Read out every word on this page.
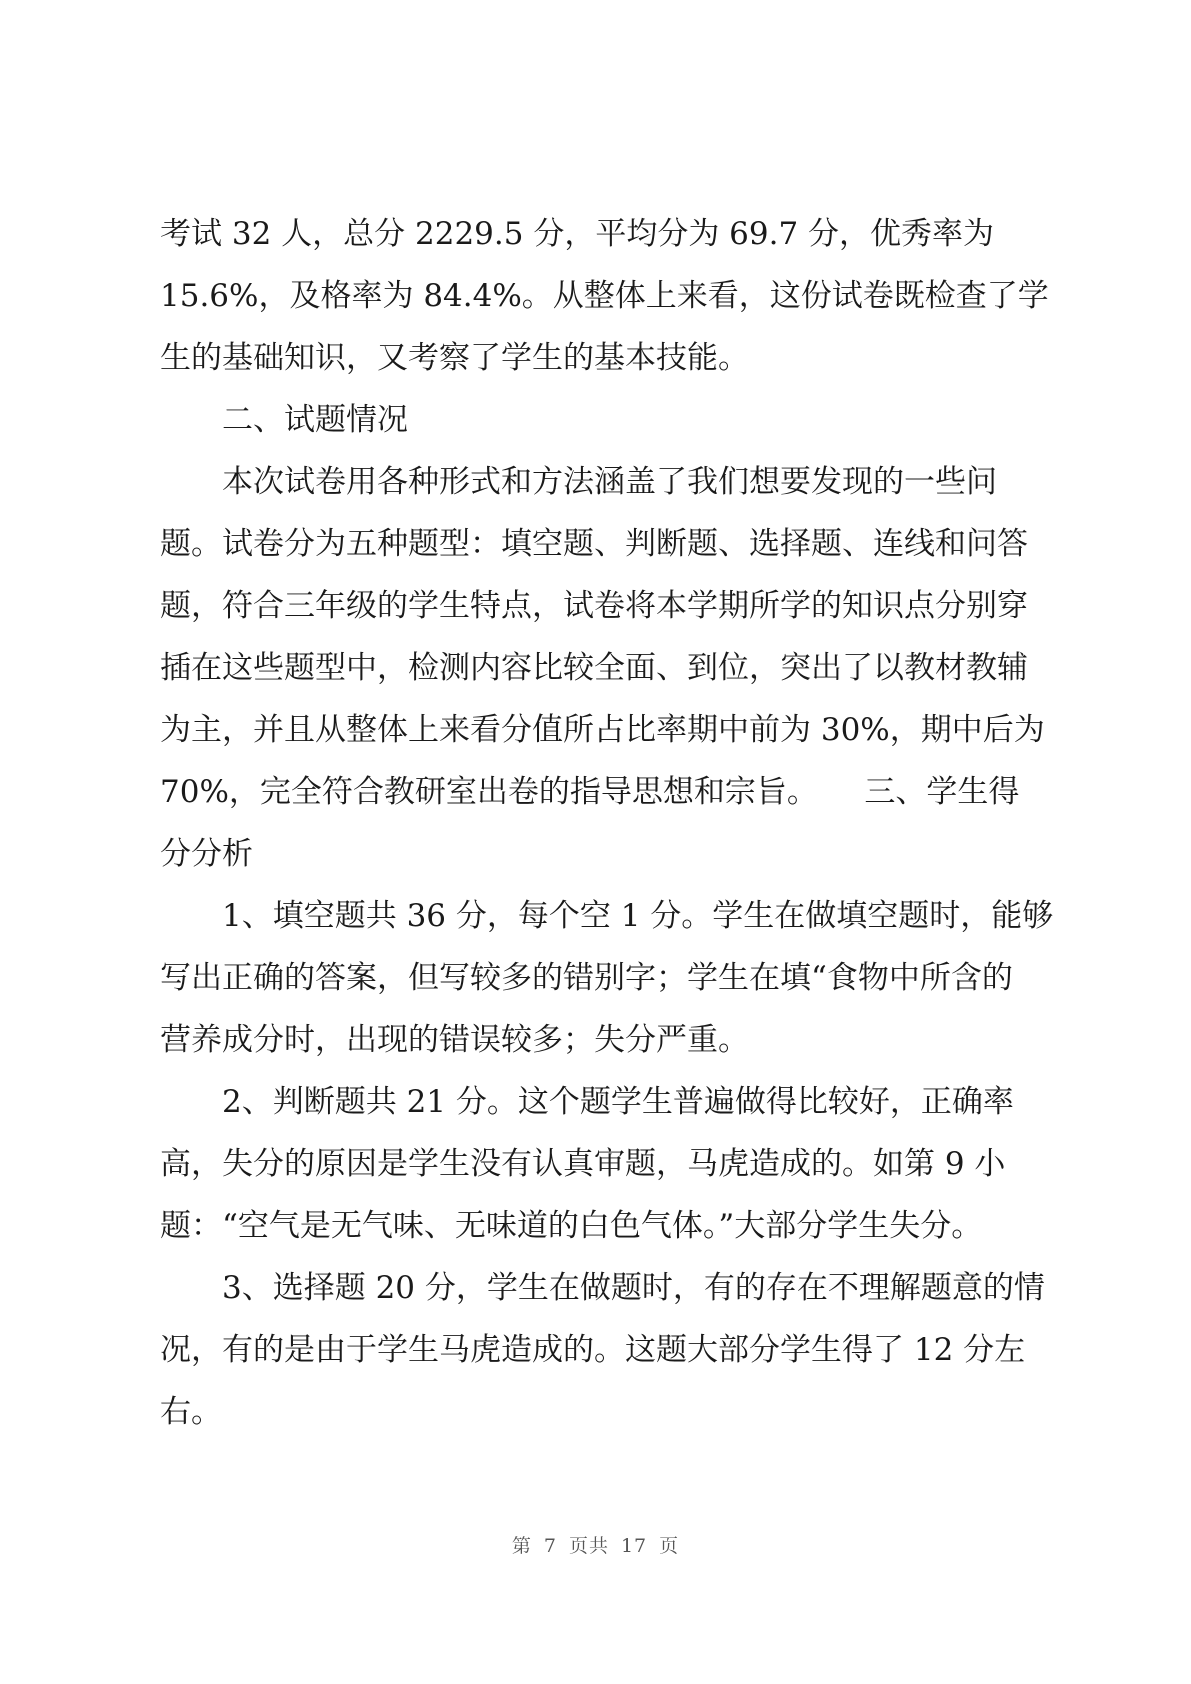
考试 32 人，总分 2229.5 分，平均分为 69.7 分，优秀率为
15.6%，及格率为 84.4%。从整体上来看，这份试卷既检查了学
生的基础知识，又考察了学生的基本技能。
二、试题情况
本次试卷用各种形式和方法涵盖了我们想要发现的一些问
题。试卷分为五种题型：填空题、判断题、选择题、连线和问答
题，符合三年级的学生特点，试卷将本学期所学的知识点分别穿
插在这些题型中，检测内容比较全面、到位，突出了以教材教辅
为主，并且从整体上来看分值所占比率期中前为 30%，期中后为
70%，完全符合教研室出卷的指导思想和宗旨。　　三、学生得
分分析
1、填空题共 36 分，每个空 1 分。学生在做填空题时，能够
写出正确的答案，但写较多的错别字；学生在填“食物中所含的
营养成分时，出现的错误较多；失分严重。
2、判断题共 21 分。这个题学生普遍做得比较好，正确率
高，失分的原因是学生没有认真审题，马虎造成的。如第 9 小
题：“空气是无气味、无味道的白色气体。”大部分学生失分。
3、选择题 20 分，学生在做题时，有的存在不理解题意的情
况，有的是由于学生马虎造成的。这题大部分学生得了 12 分左
右。
第 7 页共 17 页
